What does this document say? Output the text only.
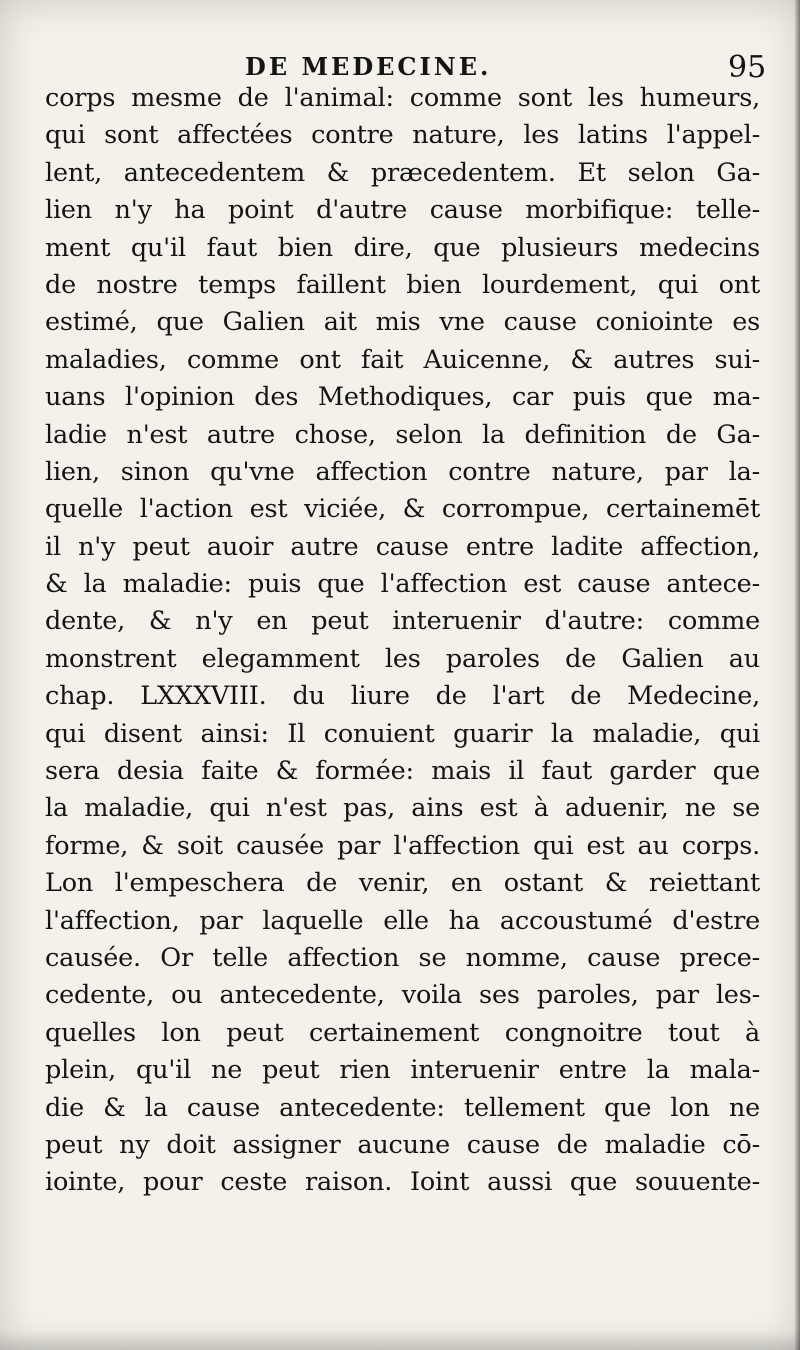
DE MEDECINE.	95
corps mesme de l'animal: comme sont les humeurs,
qui sont affectées contre nature, les latins l'appel-
lent, antecedentem & præcedentem. Et selon Ga-
lien n'y ha point d'autre cause morbifique: telle-
ment qu'il faut bien dire, que plusieurs medecins
de nostre temps faillent bien lourdement, qui ont
estimé, que Galien ait mis vne cause coniointe es
maladies, comme ont fait Auicenne, & autres sui-
uans l'opinion des Methodiques, car puis que ma-
ladie n'est autre chose, selon la definition de Ga-
lien, sinon qu'vne affection contre nature, par la-
quelle l'action est viciée, & corrompue, certainemēt
il n'y peut auoir autre cause entre ladite affection,
& la maladie: puis que l'affection est cause antece-
dente, & n'y en peut interuenir d'autre: comme
monstrent elegamment les paroles de Galien au
chap. LXXXVIII. du liure de l'art de Medecine,
qui disent ainsi: Il conuient guarir la maladie, qui
sera desia faite & formée: mais il faut garder que
la maladie, qui n'est pas, ains est à aduenir, ne se
forme, & soit causée par l'affection qui est au corps.
Lon l'empeschera de venir, en ostant & reiettant
l'affection, par laquelle elle ha accoustumé d'estre
causée. Or telle affection se nomme, cause prece-
cedente, ou antecedente, voila ses paroles, par les-
quelles lon peut certainement congnoitre tout à
plein, qu'il ne peut rien interuenir entre la mala-
die & la cause antecedente: tellement que lon ne
peut ny doit assigner aucune cause de maladie cō-
iointe, pour ceste raison. Ioint aussi que souuente-
